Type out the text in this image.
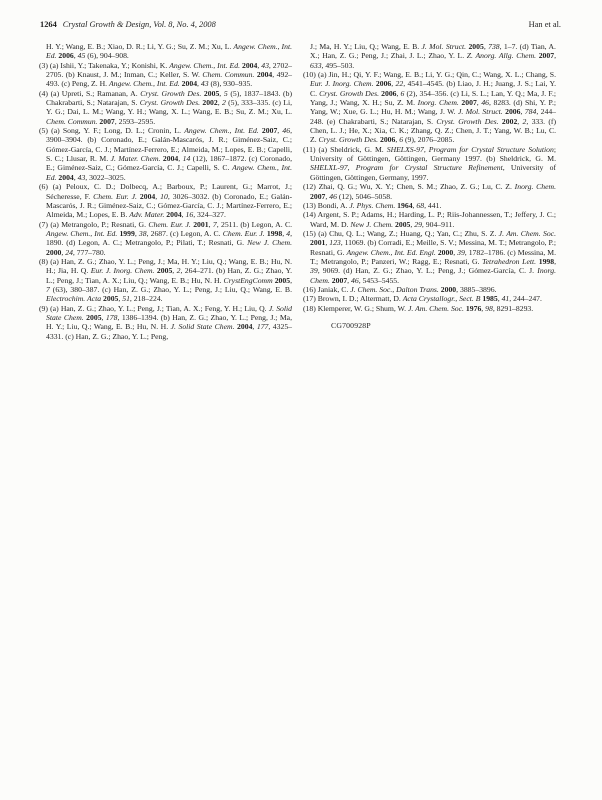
1264 Crystal Growth & Design, Vol. 8, No. 4, 2008	Han et al.

H. Y.; Wang, E. B.; Xiao, D. R.; Li, Y. G.; Su, Z. M.; Xu, L. Angew. Chem., Int. Ed. 2006, 45 (6), 904–908.

(3) (a) Ishii, Y.; Takenaka, Y.; Konishi, K. Angew. Chem., Int. Ed. 2004, 43, 2702–2705. (b) Knaust, J. M.; Inman, C.; Keller, S. W. Chem. Commun. 2004, 492–493. (c) Peng, Z. H. Angew. Chem., Int. Ed. 2004, 43 (8), 930–935.

(4) (a) Upreti, S.; Ramanan, A. Cryst. Growth Des. 2005, 5 (5), 1837–1843. (b) Chakrabarti, S.; Natarajan, S. Cryst. Growth Des. 2002, 2 (5), 333–335. (c) Li, Y. G.; Dai, L. M.; Wang, Y. H.; Wang, X. L.; Wang, E. B.; Su, Z. M.; Xu, L. Chem. Commun. 2007, 2593–2595.

(5) (a) Song, Y. F.; Long, D. L.; Cronin, L. Angew. Chem., Int. Ed. 2007, 46, 3900–3904. (b) Coronado, E.; Galán-Mascarós, J. R.; Giménez-Saiz, C.; Gómez-García, C. J.; Martínez-Ferrero, E.; Almeida, M.; Lopes, E. B.; Capelli, S. C.; Llusar, R. M. J. Mater. Chem. 2004, 14 (12), 1867–1872. (c) Coronado, E.; Giménez-Saiz, C.; Gómez-García, C. J.; Capelli, S. C. Angew. Chem., Int. Ed. 2004, 43, 3022–3025.

(6) (a) Peloux, C. D.; Dolbecq, A.; Barboux, P.; Laurent, G.; Marrot, J.; Sécheresse, F. Chem. Eur. J. 2004, 10, 3026–3032. (b) Coronado, E.; Galán-Mascarós, J. R.; Giménez-Saiz, C.; Gómez-García, C. J.; Martínez-Ferrero, E.; Almeida, M.; Lopes, E. B. Adv. Mater. 2004, 16, 324–327.

(7) (a) Metrangolo, P.; Resnati, G. Chem. Eur. J. 2001, 7, 2511. (b) Legon, A. C. Angew. Chem., Int. Ed. 1999, 38, 2687. (c) Legon, A. C. Chem. Eur. J. 1998, 4, 1890. (d) Legon, A. C.; Metrangolo, P.; Pilati, T.; Resnati, G. New J. Chem. 2000, 24, 777–780.

(8) (a) Han, Z. G.; Zhao, Y. L.; Peng, J.; Ma, H. Y.; Liu, Q.; Wang, E. B.; Hu, N. H.; Jia, H. Q. Eur. J. Inorg. Chem. 2005, 2, 264–271. (b) Han, Z. G.; Zhao, Y. L.; Peng, J.; Tian, A. X.; Liu, Q.; Wang, E. B.; Hu, N. H. CrystEngComm 2005, 7 (63), 380–387. (c) Han, Z. G.; Zhao, Y. L.; Peng, J.; Liu, Q.; Wang, E. B. Electrochim. Acta 2005, 51, 218–224.

(9) (a) Han, Z. G.; Zhao, Y. L.; Peng, J.; Tian, A. X.; Feng, Y. H.; Liu, Q. J. Solid State Chem. 2005, 178, 1386–1394. (b) Han, Z. G.; Zhao, Y. L.; Peng, J.; Ma, H. Y.; Liu, Q.; Wang, E. B.; Hu, N. H. J. Solid State Chem. 2004, 177, 4325–4331. (c) Han, Z. G.; Zhao, Y. L.; Peng,

J.; Ma, H. Y.; Liu, Q.; Wang, E. B. J. Mol. Struct. 2005, 738, 1–7. (d) Tian, A. X.; Han, Z. G.; Peng, J.; Zhai, J. L.; Zhao, Y. L. Z. Anorg. Allg. Chem. 2007, 633, 495–503.

(10) (a) Jin, H.; Qi, Y. F.; Wang, E. B.; Li, Y. G.; Qin, C.; Wang, X. L.; Chang, S. Eur. J. Inorg. Chem. 2006, 22, 4541–4545. (b) Liao, J. H.; Juang, J. S.; Lai, Y. C. Cryst. Growth Des. 2006, 6 (2), 354–356. (c) Li, S. L.; Lan, Y. Q.; Ma, J. F.; Yang, J.; Wang, X. H.; Su, Z. M. Inorg. Chem. 2007, 46, 8283. (d) Shi, Y. P.; Yang, W.; Xue, G. L.; Hu, H. M.; Wang, J. W. J. Mol. Struct. 2006, 784, 244–248. (e) Chakrabarti, S.; Natarajan, S. Cryst. Growth Des. 2002, 2, 333. (f) Chen, L. J.; He, X.; Xia, C. K.; Zhang, Q. Z.; Chen, J. T.; Yang, W. B.; Lu, C. Z. Cryst. Growth Des. 2006, 6 (9), 2076–2085.

(11) (a) Sheldrick, G. M. SHELXS-97, Program for Crystal Structure Solution; University of Göttingen, Göttingen, Germany 1997. (b) Sheldrick, G. M. SHELXL-97, Program for Crystal Structure Refinement, University of Göttingen, Göttingen, Germany, 1997.

(12) Zhai, Q. G.; Wu, X. Y.; Chen, S. M.; Zhao, Z. G.; Lu, C. Z. Inorg. Chem. 2007, 46 (12), 5046–5058.

(13) Bondi, A. J. Phys. Chem. 1964, 68, 441.

(14) Argent, S. P.; Adams, H.; Harding, L. P.; Riis-Johannessen, T.; Jeffery, J. C.; Ward, M. D. New J. Chem. 2005, 29, 904–911.

(15) (a) Chu, Q. L.; Wang, Z.; Huang, Q.; Yan, C.; Zhu, S. Z. J. Am. Chem. Soc. 2001, 123, 11069. (b) Corradi, E.; Meille, S. V.; Messina, M. T.; Metrangolo, P.; Resnati, G. Angew. Chem., Int. Ed. Engl. 2000, 39, 1782–1786. (c) Messina, M. T.; Metrangolo, P.; Panzeri, W.; Ragg, E.; Resnati, G. Tetrahedron Lett. 1998, 39, 9069. (d) Han, Z. G.; Zhao, Y. L.; Peng, J.; Gómez-García, C. J. Inorg. Chem. 2007, 46, 5453–5455.

(16) Janiak, C. J. Chem. Soc., Dalton Trans. 2000, 3885–3896.

(17) Brown, I. D.; Altermatt, D. Acta Crystallogr., Sect. B 1985, 41, 244–247.

(18) Klemperer, W. G.; Shum, W. J. Am. Chem. Soc. 1976, 98, 8291–8293.

CG700928P
